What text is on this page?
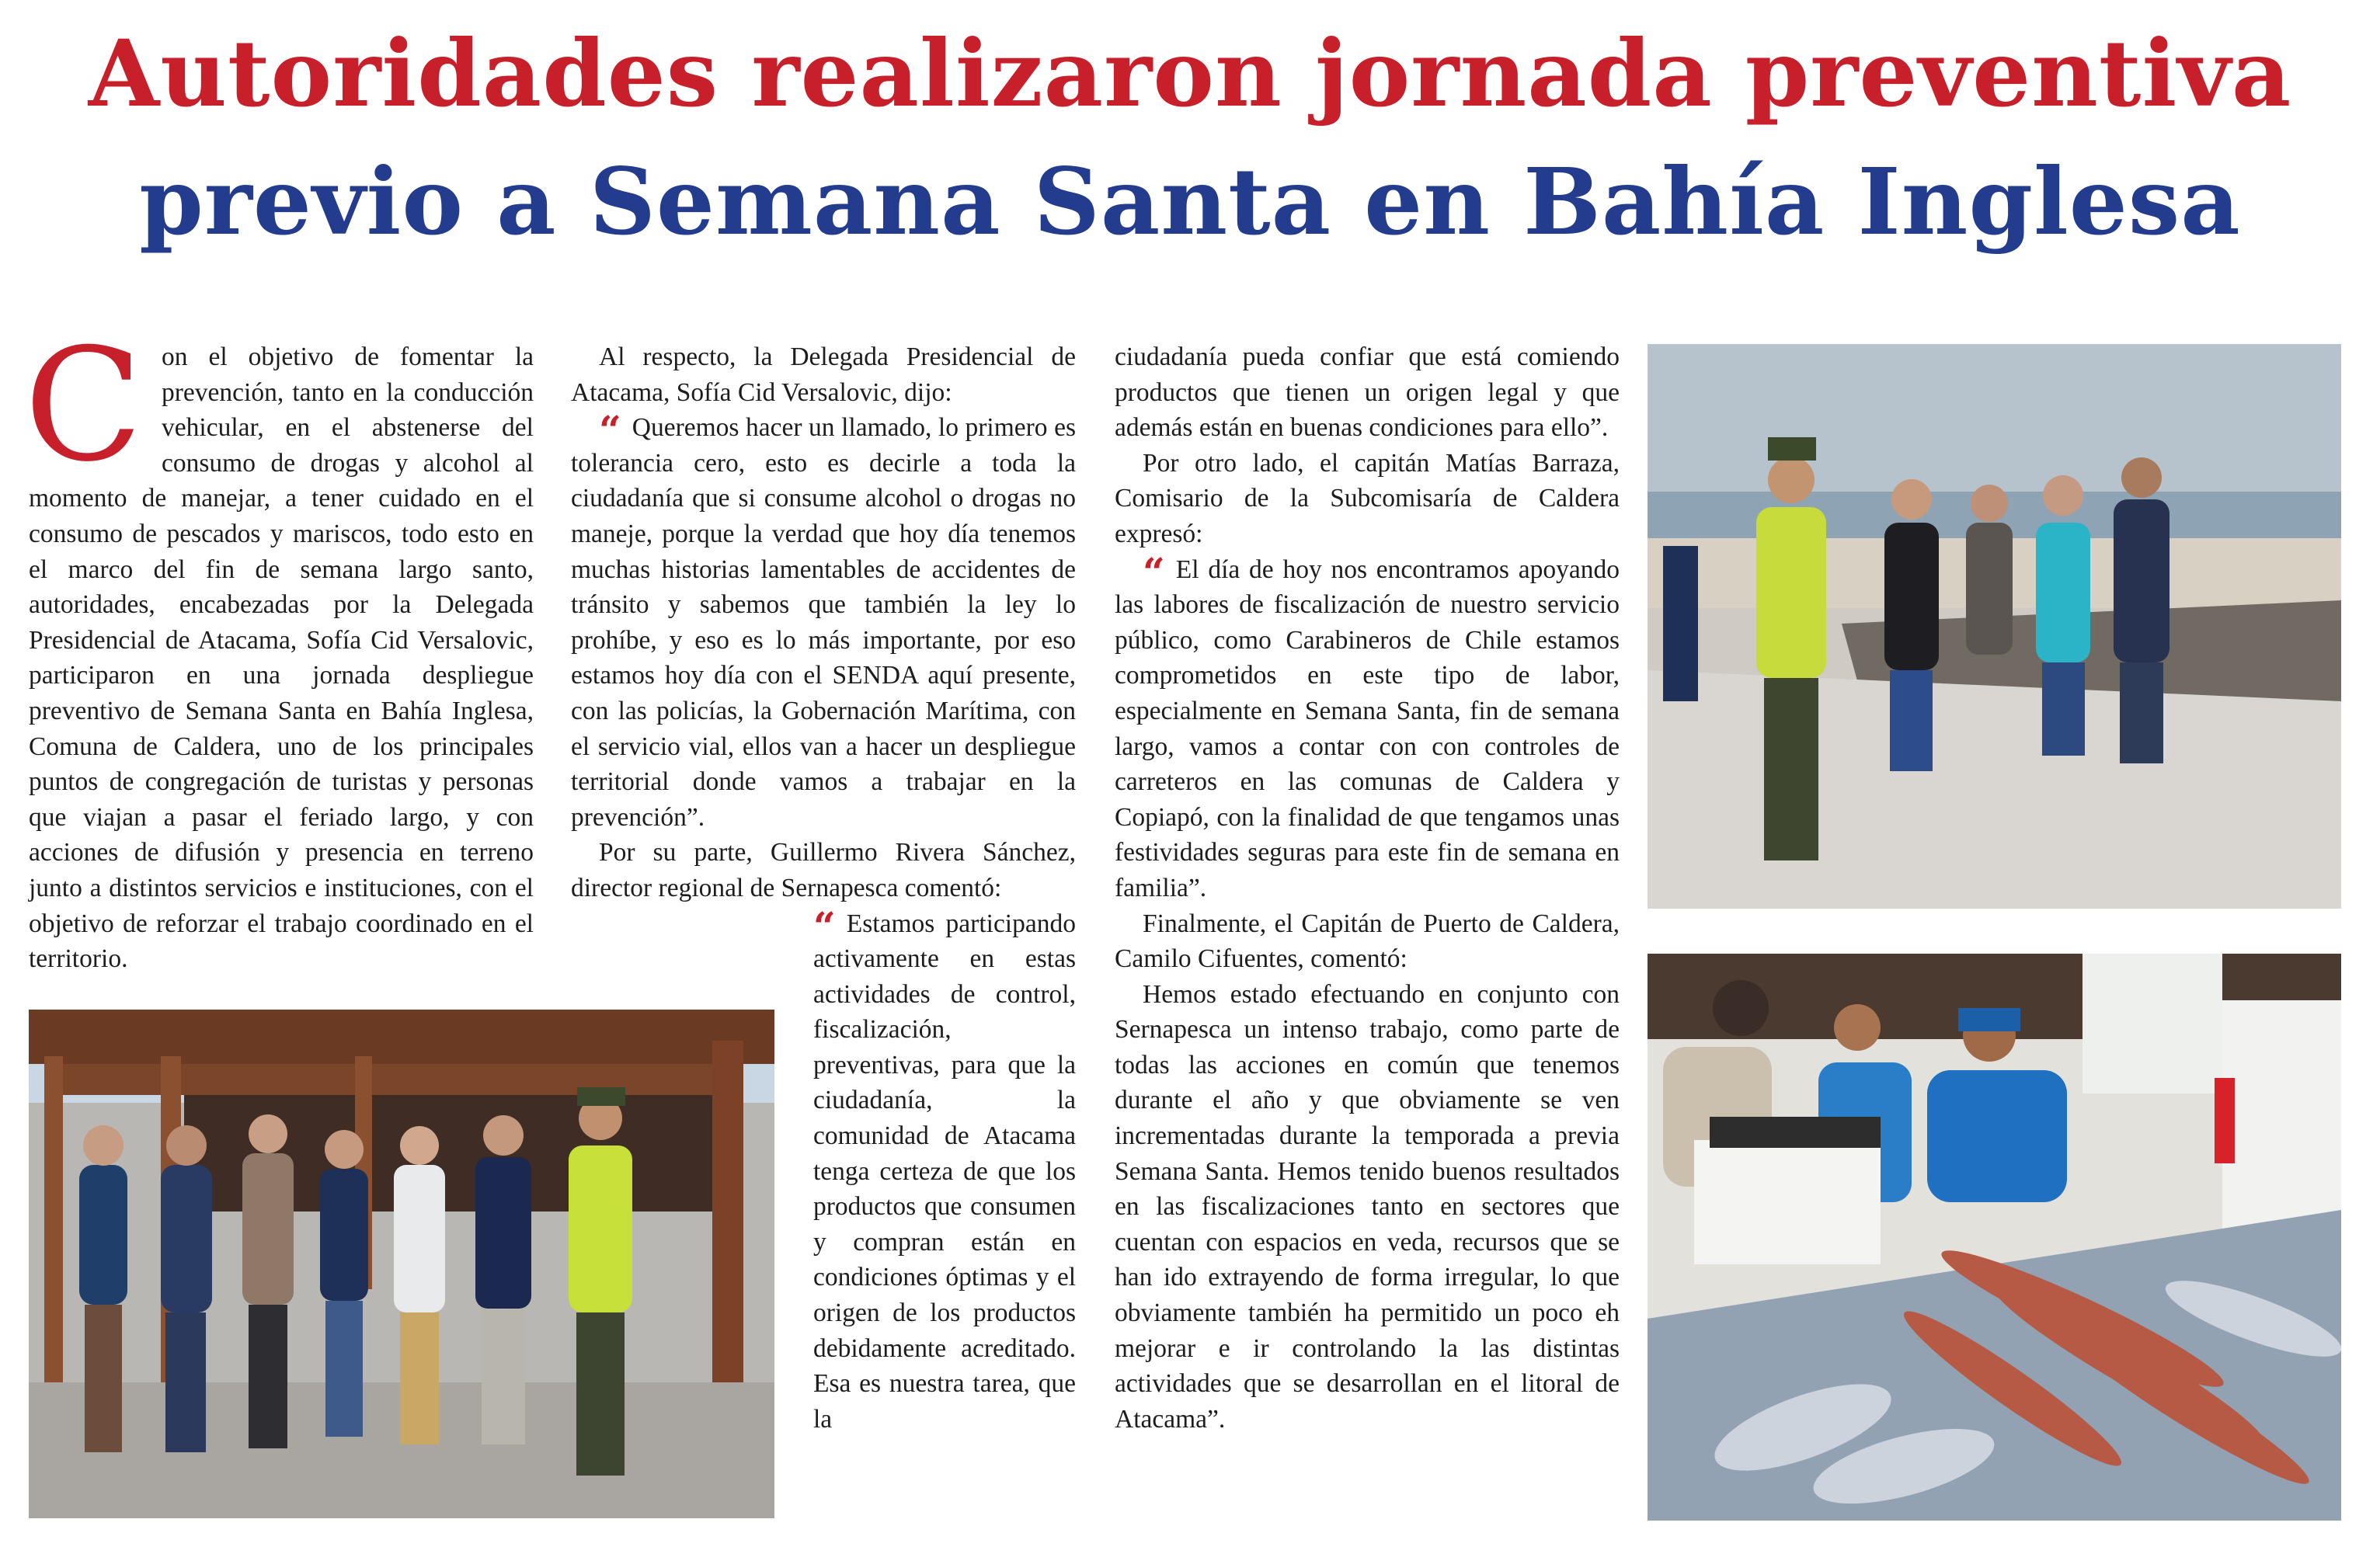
Autoridades realizaron jornada preventiva
previo a Semana Santa en Bahía Inglesa
C on el objetivo de fomentar la prevención, tanto en la conducción vehicular, en el abstenerse del consumo de drogas y alcohol al momento de manejar, a tener cuidado en el consumo de pescados y mariscos, todo esto en el marco del fin de semana largo santo, autoridades, encabezadas por la Delegada Presidencial de Atacama, Sofía Cid Versalovic, participaron en una jornada despliegue preventivo de Semana Santa en Bahía Inglesa, Comuna de Caldera, uno de los principales puntos de congregación de turistas y personas que viajan a pasar el feriado largo, y con acciones de difusión y presencia en terreno junto a distintos servicios e instituciones, con el objetivo de reforzar el trabajo coordinado en el territorio.

Al respecto, la Delegada Presidencial de Atacama, Sofía Cid Versalovic, dijo:

“ Queremos hacer un llamado, lo primero es tolerancia cero, esto es decirle a toda la ciudadanía que si consume alcohol o drogas no maneje, porque la verdad que hoy día tenemos muchas historias lamentables de accidentes de tránsito y sabemos que también la ley lo prohíbe, y eso es lo más importante, por eso estamos hoy día con el SENDA aquí presente, con las policías, la Gobernación Marítima, con el servicio vial, ellos van a hacer un despliegue territorial donde vamos a trabajar en la prevención”.

Por su parte, Guillermo Rivera Sánchez, director regional de Sernapesca comentó:

“ Estamos participando activamente en estas actividades de control, fiscalización, preventivas, para que la ciudadanía, la comunidad de Atacama tenga certeza de que los productos que consumen y compran están en condiciones óptimas y el origen de los productos debidamente acreditado. Esa es nuestra tarea, que la

ciudadanía pueda confiar que está comiendo productos que tienen un origen legal y que además están en buenas condiciones para ello”.

Por otro lado, el capitán Matías Barraza, Comisario de la Subcomisaría de Caldera expresó:

“ El día de hoy nos encontramos apoyando las labores de fiscalización de nuestro servicio público, como Carabineros de Chile estamos comprometidos en este tipo de labor, especialmente en Semana Santa, fin de semana largo, vamos a contar con con controles de carreteros en las comunas de Caldera y Copiapó, con la finalidad de que tengamos unas festividades seguras para este fin de semana en familia”.

Finalmente, el Capitán de Puerto de Caldera, Camilo Cifuentes, comentó:

Hemos estado efectuando en conjunto con Sernapesca un intenso trabajo, como parte de todas las acciones en común que tenemos durante el año y que obviamente se ven incrementadas durante la temporada a previa Semana Santa. Hemos tenido buenos resultados en las fiscalizaciones tanto en sectores que cuentan con espacios en veda, recursos que se han ido extrayendo de forma irregular, lo que obviamente también ha permitido un poco eh mejorar e ir controlando la las distintas actividades que se desarrollan en el litoral de Atacama”.
